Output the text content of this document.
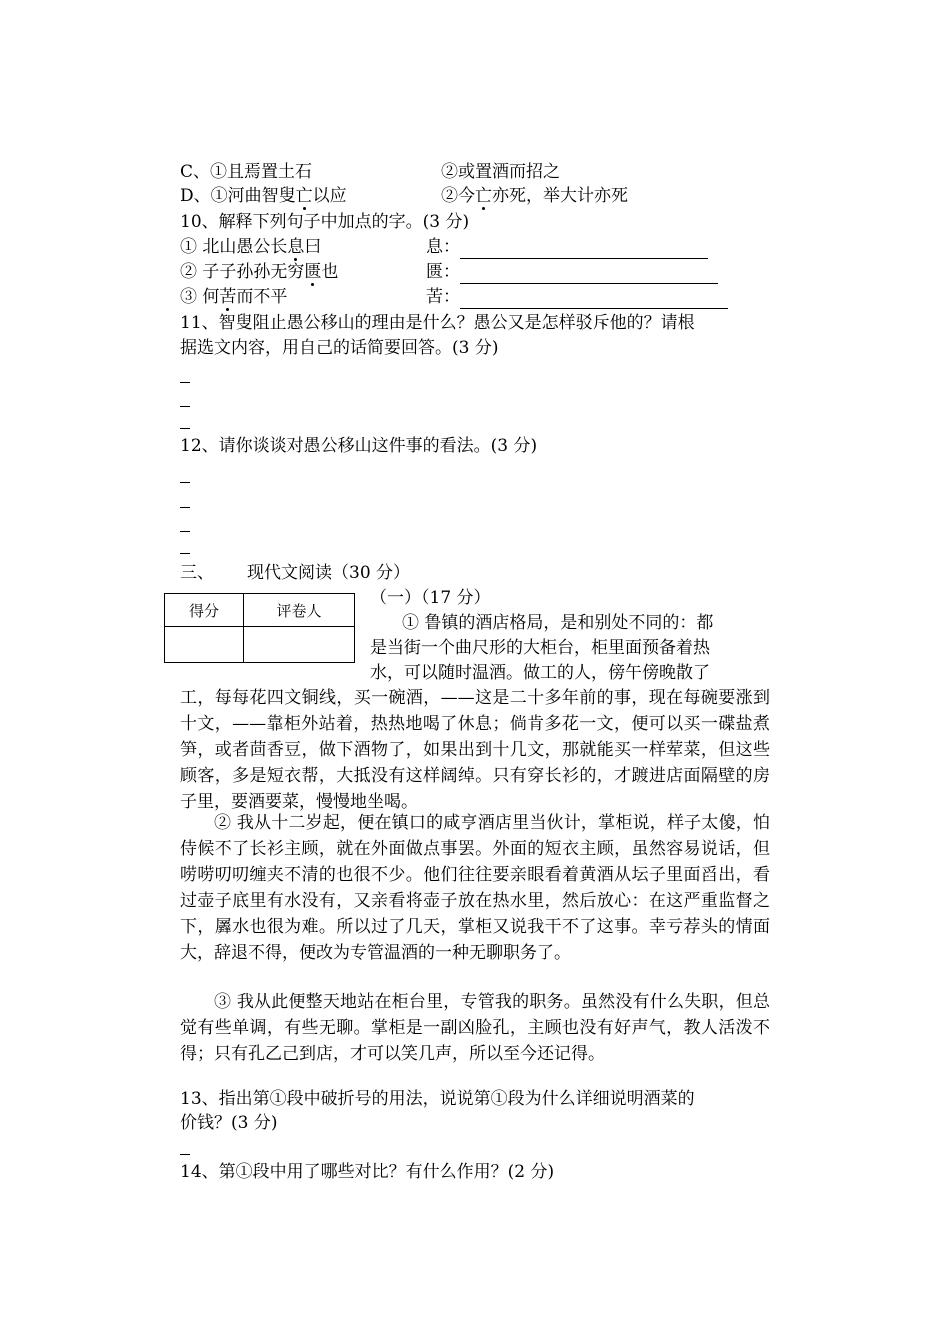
C、①且焉置土石	②或置酒而招之
D、①河曲智叟亡以应	②今亡亦死，举大计亦死
10、解释下列句子中加点的字。(3 分)
① 北山愚公长息曰	息：
② 子子孙孙无穷匮也	匮：
③ 何苦而不平	苦：
11、智叟阻止愚公移山的理由是什么？愚公又是怎样驳斥他的？请根
据选文内容，用自己的话简要回答。(3 分)
12、请你谈谈对愚公移山这件事的看法。(3 分)
三、 现代文阅读（30 分）
得分	评卷人

（一）（17 分）
① 鲁镇的酒店格局，是和别处不同的：都
是当街一个曲尺形的大柜台，柜里面预备着热
水，可以随时温酒。做工的人，傍午傍晚散了
工，每每花四文铜线，买一碗酒，——这是二十多年前的事，现在每碗要涨到十文，——靠柜外站着，热热地喝了休息；倘肯多花一文，便可以买一碟盐煮笋，或者茴香豆，做下酒物了，如果出到十几文，那就能买一样荤菜，但这些顾客，多是短衣帮，大抵没有这样阔绰。只有穿长衫的，才踱进店面隔壁的房子里，要酒要菜，慢慢地坐喝。
② 我从十二岁起，便在镇口的咸亨酒店里当伙计，掌柜说，样子太傻，怕侍候不了长衫主顾，就在外面做点事罢。外面的短衣主顾，虽然容易说话，但唠唠叨叨缠夹不清的也很不少。他们往往要亲眼看着黄酒从坛子里面舀出，看过壶子底里有水没有，又亲看将壶子放在热水里，然后放心：在这严重监督之下，羼水也很为难。所以过了几天，掌柜又说我干不了这事。幸亏荐头的情面大，辞退不得，便改为专管温酒的一种无聊职务了。
③ 我从此便整天地站在柜台里，专管我的职务。虽然没有什么失职，但总觉有些单调，有些无聊。掌柜是一副凶脸孔，主顾也没有好声气，教人活泼不得；只有孔乙己到店，才可以笑几声，所以至今还记得。
13、指出第①段中破折号的用法，说说第①段为什么详细说明酒菜的
价钱？(3 分)
14、第①段中用了哪些对比？有什么作用？(2 分)
